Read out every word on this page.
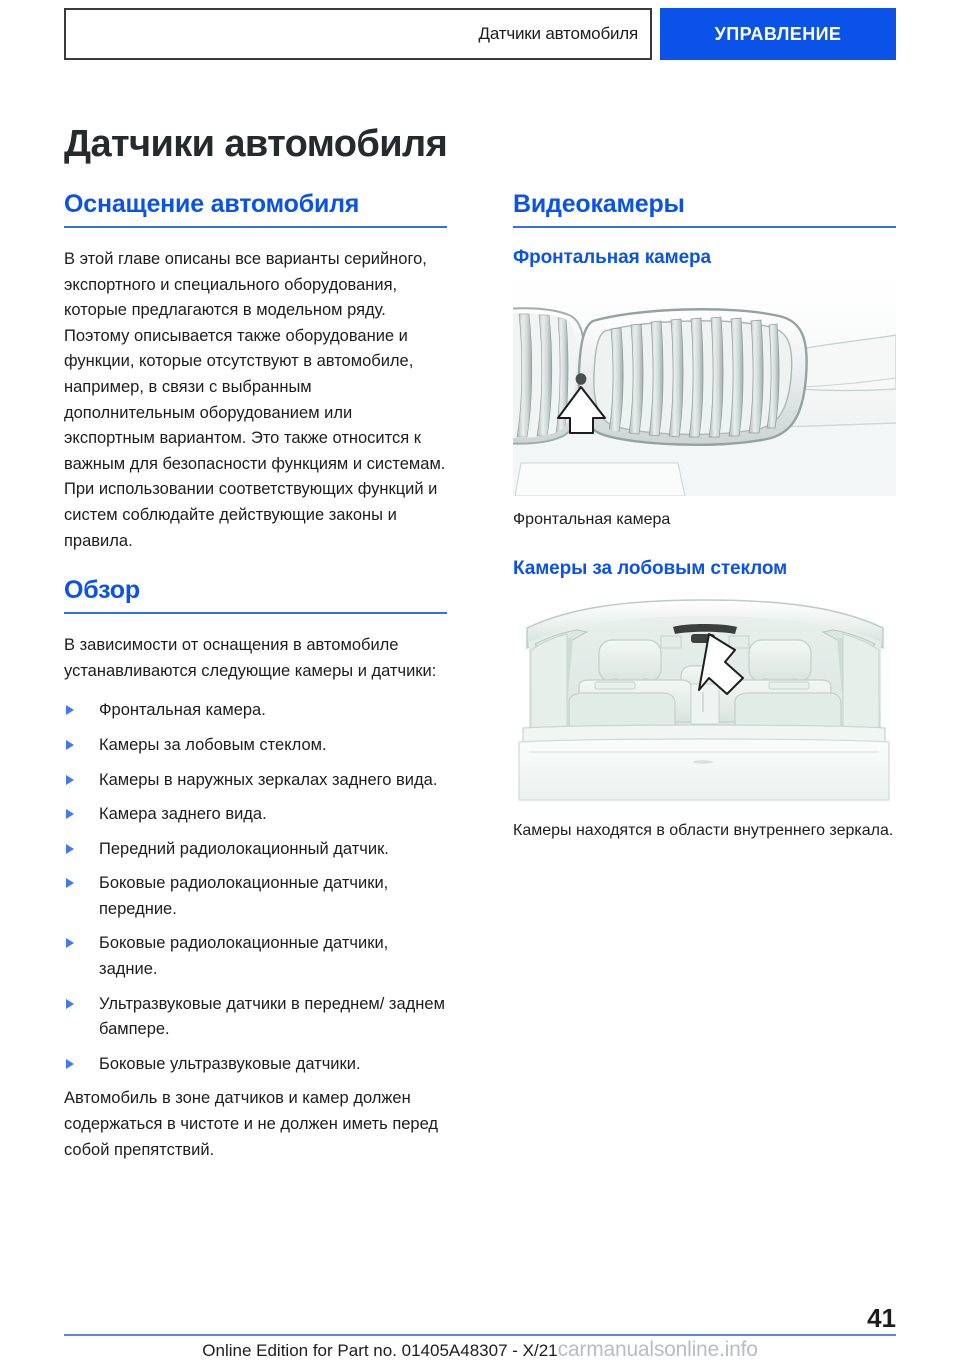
Датчики автомобиля	УПРАВЛЕНИЕ
Датчики автомобиля
Оснащение автомобиля

В этой главе описаны все варианты серийного, экспортного и специального оборудования, которые предлагаются в модельном ряду. Поэтому описывается также оборудование и функции, которые отсутствуют в автомобиле, например, в связи с выбранным дополнительным оборудованием или экспортным вариантом. Это также относится к важным для безопасности функциям и системам. При использовании соответствующих функций и систем соблюдайте действующие законы и правила.

Обзор

В зависимости от оснащения в автомобиле устанавливаются следующие камеры и датчики:

Фронтальная камера.
Камеры за лобовым стеклом.
Камеры в наружных зеркалах заднего вида.
Камера заднего вида.
Передний радиолокационный датчик.
Боковые радиолокационные датчики, передние.
Боковые радиолокационные датчики, задние.
Ультразвуковые датчики в переднем/ заднем бампере.
Боковые ультразвуковые датчики.

Автомобиль в зоне датчиков и камер должен содержаться в чистоте и не должен иметь перед собой препятствий.

Видеокамеры
Фронтальная камера
Фронтальная камера
Камеры за лобовым стеклом
Камеры находятся в области внутреннего зеркала.
41
Online Edition for Part no. 01405A48307 - X/21carmanualsonline.info
